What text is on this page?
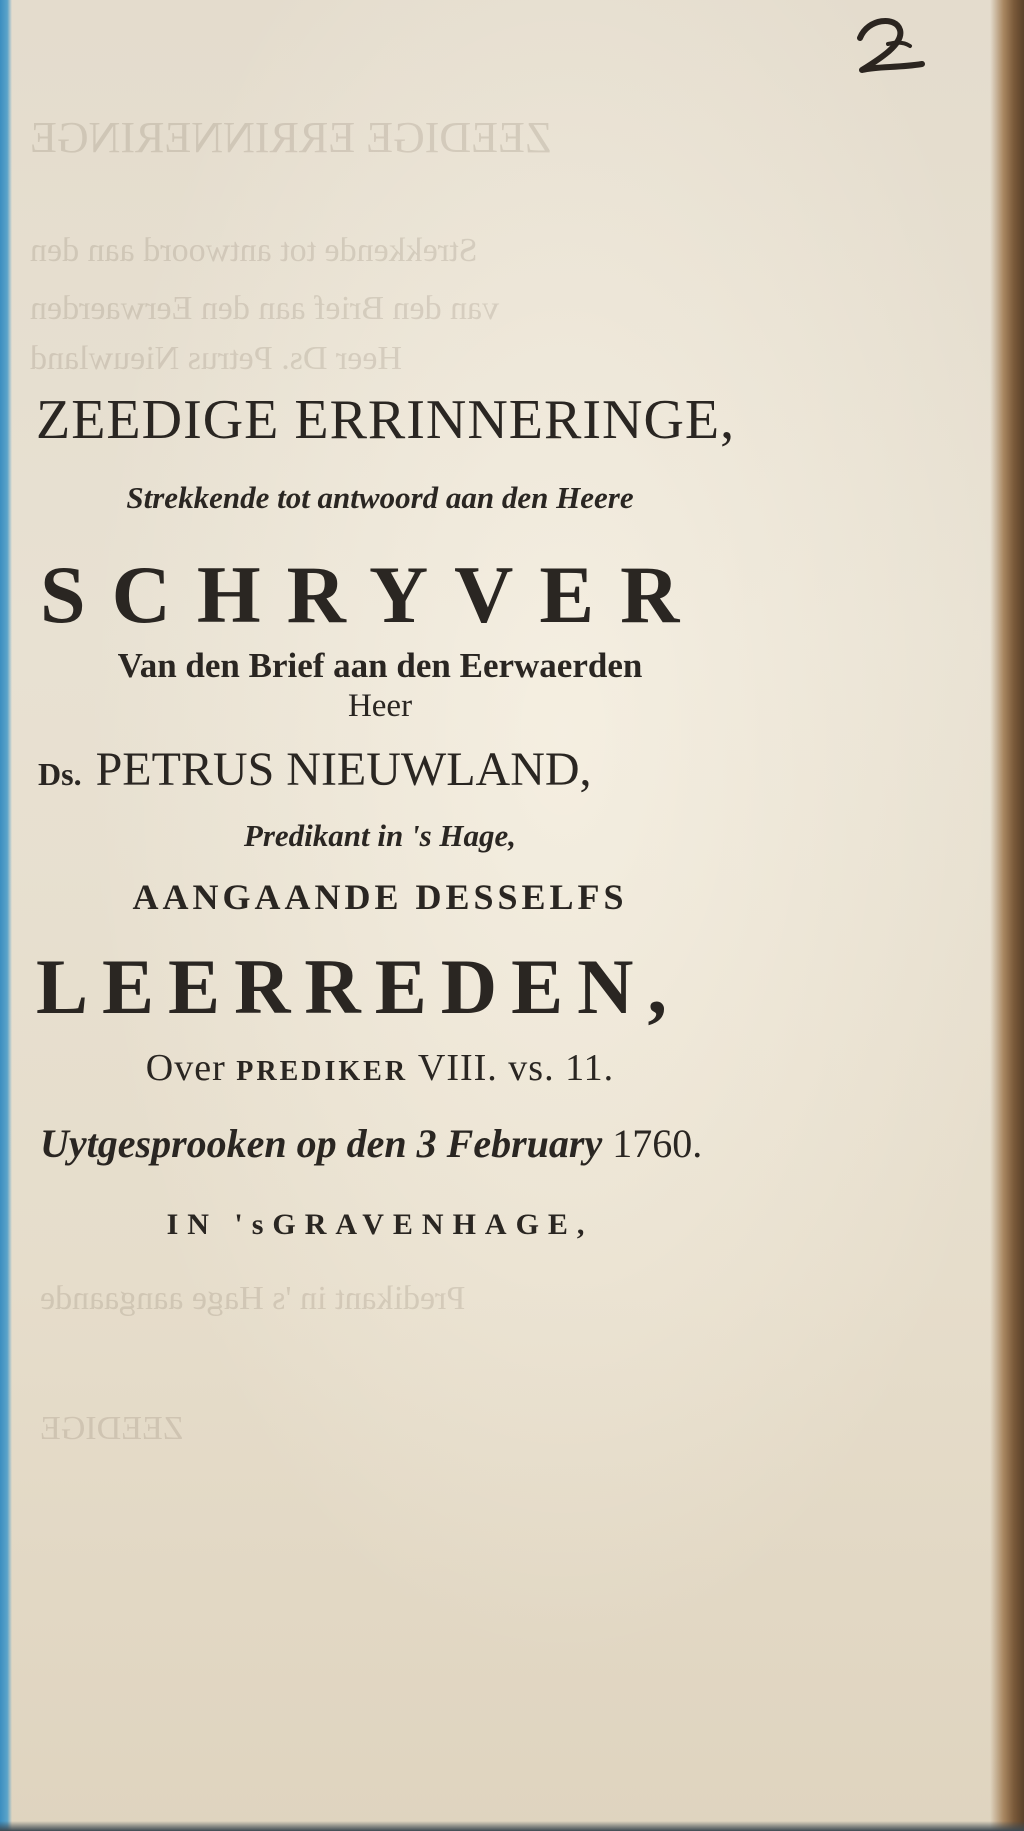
ZEEDIGE ERRINNERINGE
Strekkende tot antwoord aan den
van den Brief aan den Eerwaerden
Heer Ds. Petrus Nieuwland
Predikant in 's Hage aangaande
ZEEDIGE
2
ZEEDIGE ERRINNERINGE,
Strekkende tot antwoord aan den Heere
SCHRYVER
Van den Brief aan den Eerwaerden
Heer
Ds. PETRUS NIEUWLAND,
Predikant in 's Hage,
AANGAANDE DESSELFS
LEERREDEN,
Over PREDIKER VIII. vs. 11.
Uytgesprooken op den 3 February 1760.
IN 'sGRAVENHAGE,
